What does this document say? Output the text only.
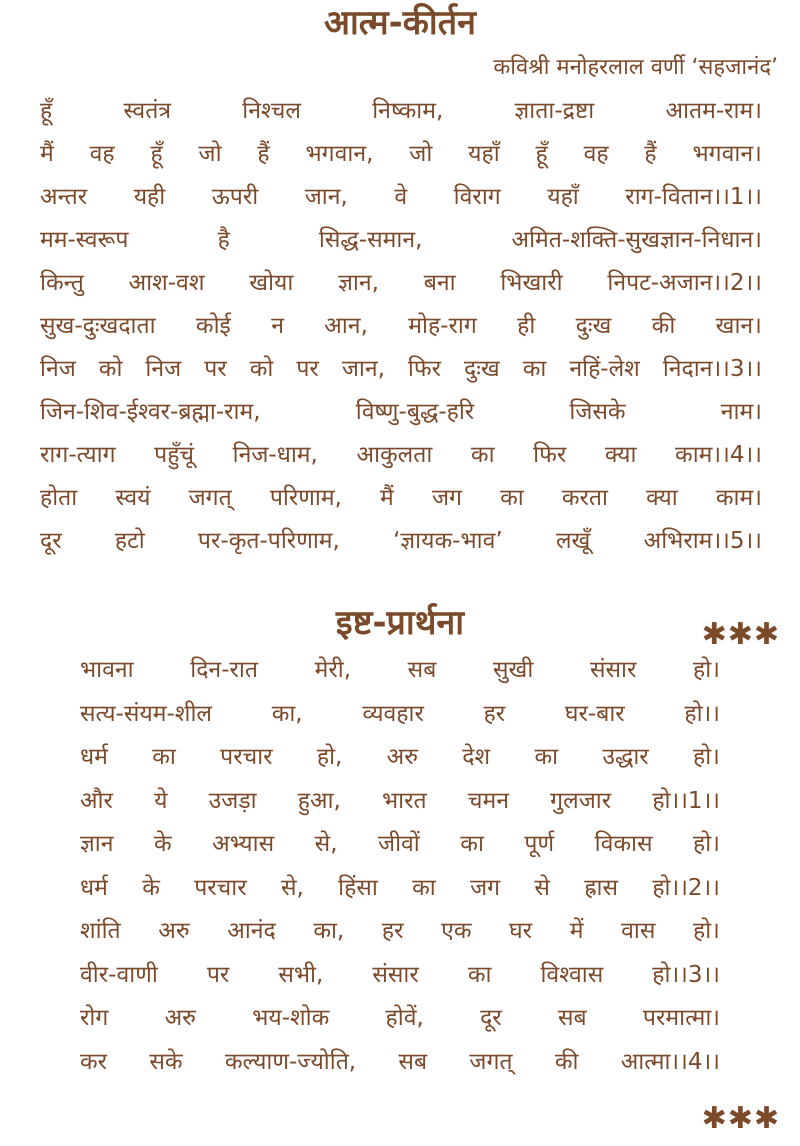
आत्म-कीर्तन
कविश्री मनोहरलाल वर्णी ‘सहजानंद’
हूँ	स्वतंत्र	निश्चल	निष्काम,	ज्ञाता-द्रष्टा	आतम-राम।
मैं वह हूँ जो हैं भगवान, जो यहाँ हूँ वह हैं भगवान।
अन्तर यही ऊपरी जान, वे विराग यहाँ राग-वितान।।1।।
मम-स्वरूप	है	सिद्ध-समान,	अमित-शक्ति-सुखज्ञान-निधान।
किन्तु आश-वश खोया ज्ञान, बना भिखारी निपट-अजान।।2।।
सुख-दुःखदाता कोई न आन, मोह-राग ही दुःख की खान।
निज को निज पर को पर जान, फिर दुःख का नहिं-लेश निदान।।3।।
जिन-शिव-ईश्वर-ब्रह्मा-राम,	विष्णु-बुद्ध-हरि	जिसके	नाम।
राग-त्याग पहुँचूं निज-धाम, आकुलता का फिर क्या काम।।4।।
होता स्वयं जगत् परिणाम, मैं जग का करता क्या काम।
दूर हटो पर-कृत-परिणाम, ‘ज्ञायक-भाव’ लखूँ अभिराम।।5।।
इष्ट-प्रार्थना	✱✱✱
भावना दिन-रात मेरी, सब सुखी संसार हो।
सत्य-संयम-शील	का,	व्यवहार	हर	घर-बार	हो।।
धर्म का परचार हो, अरु देश का उद्धार हो।
और ये उजड़ा हुआ, भारत चमन गुलजार हो।।1।।
ज्ञान के अभ्यास से, जीवों का पूर्ण विकास हो।
धर्म के परचार से, हिंसा का जग से ह्रास हो।।2।।
शांति अरु आनंद का, हर एक घर में वास हो।
वीर-वाणी पर सभी, संसार का विश्वास हो।।3।।
रोग अरु भय-शोक होवें, दूर सब परमात्मा।
कर सके कल्याण-ज्योति, सब जगत् की आत्मा।।4।।
✱✱✱
